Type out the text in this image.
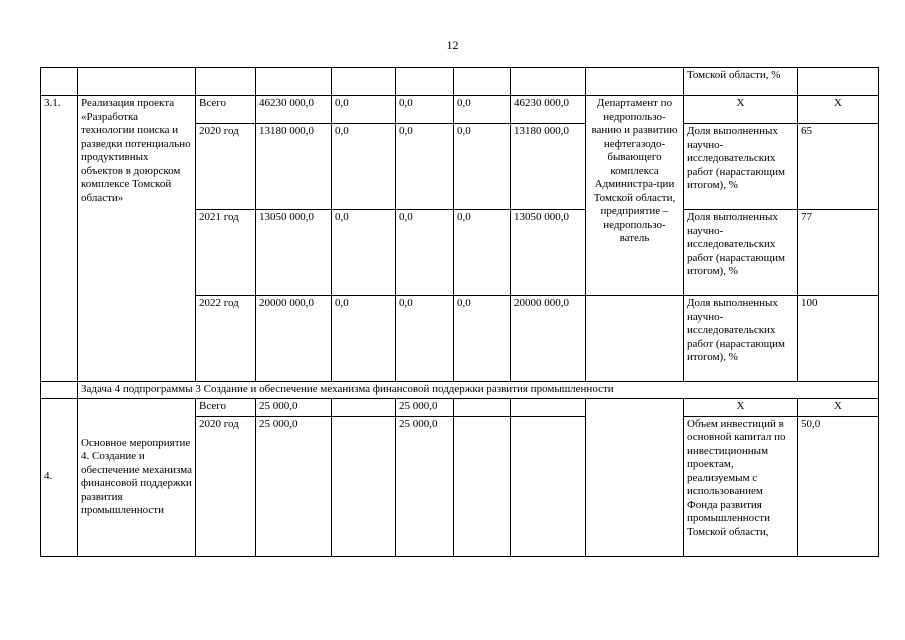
12
									Томской области, %	
3.1.	Реализация проекта «Разработка технологии поиска и разведки потенциально продуктивных объектов в доюрском комплексе Томской области»	Всего	46230 000,0	0,0	0,0	0,0	46230 000,0	Департамент по недропользо-ванию и развитию нефтегазодо-бывающего комплекса Администра-ции Томской области, предприятие – недропользо-ватель	Х	Х
		2020 год	13180 000,0	0,0	0,0	0,0	13180 000,0		Доля выполненных научно-исследовательских работ (нарастающим итогом), %	65
		2021 год	13050 000,0	0,0	0,0	0,0	13050 000,0		Доля выполненных научно-исследовательских работ (нарастающим итогом), %	77
		2022 год	20000 000,0	0,0	0,0	0,0	20000 000,0		Доля выполненных научно-исследовательских работ (нарастающим итогом), %	100
	Задача 4 подпрограммы 3 Создание и обеспечение механизма финансовой поддержки развития промышленности									
4.	Основное мероприятие 4. Создание и обеспечение механизма финансовой поддержки развития промышленности	Всего	25 000,0		25 000,0				Х	Х
		2020 год	25 000,0		25 000,0				Объем инвестиций в основной капитал по инвестиционным проектам, реализуемым с использованием Фонда развития промышленности Томской области,	50,0
